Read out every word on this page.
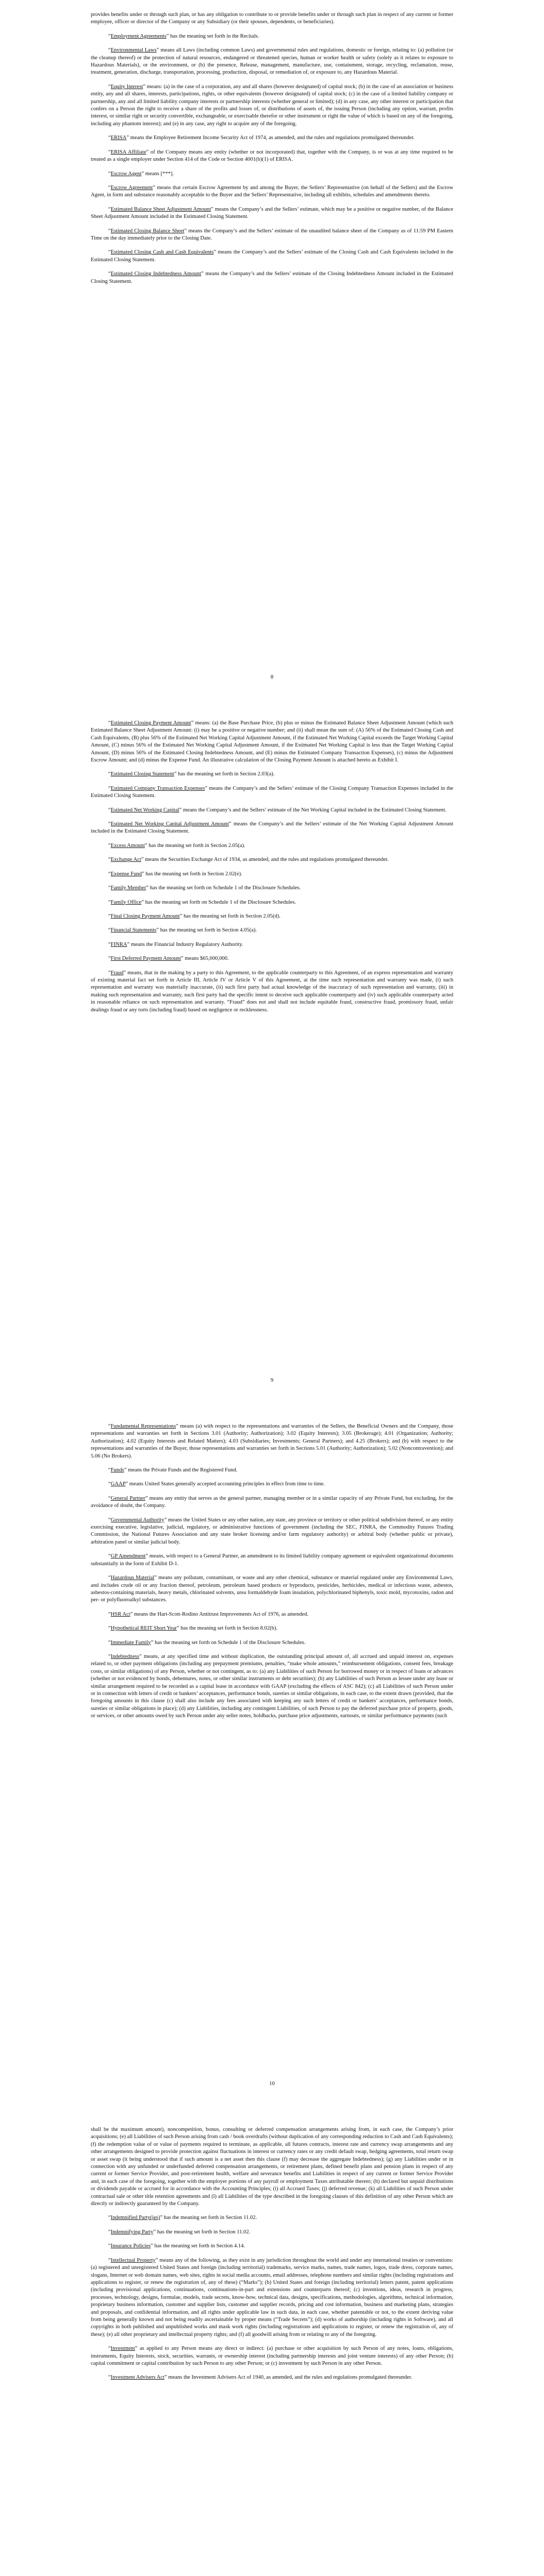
provides benefits under or through such plan, or has any obligation to contribute to or provide benefits under or through such plan in respect of any current or former employee, officer or director of the Company or any Subsidiary (or their spouses, dependents, or beneficiaries).

“Employment Agreements” has the meaning set forth in the Recitals.

“Environmental Laws” means all Laws (including common Laws) and governmental rules and regulations, domestic or foreign, relating to: (a) pollution (or the cleanup thereof) or the protection of natural resources, endangered or threatened species, human or worker health or safety (solely as it relates to exposure to Hazardous Materials), or the environment, or (b) the presence, Release, management, manufacture, use, containment, storage, recycling, reclamation, reuse, treatment, generation, discharge, transportation, processing, production, disposal, or remediation of, or exposure to, any Hazardous Material.

“Equity Interest” means: (a) in the case of a corporation, any and all shares (however designated) of capital stock; (b) in the case of an association or business entity, any and all shares, interests, participations, rights, or other equivalents (however designated) of capital stock; (c) in the case of a limited liability company or partnership, any and all limited liability company interests or partnership interests (whether general or limited); (d) in any case, any other interest or participation that confers on a Person the right to receive a share of the profits and losses of, or distributions of assets of, the issuing Person (including any option, warrant, profits interest, or similar right or security convertible, exchangeable, or exercisable therefor or other instrument or right the value of which is based on any of the foregoing, including any phantom interest); and (e) in any case, any right to acquire any of the foregoing.

“ERISA” means the Employee Retirement Income Security Act of 1974, as amended, and the rules and regulations promulgated thereunder.

“ERISA Affiliate” of the Company means any entity (whether or not incorporated) that, together with the Company, is or was at any time required to be treated as a single employer under Section 414 of the Code or Section 4001(b)(1) of ERISA.

“Escrow Agent” means [***].

“Escrow Agreement” means that certain Escrow Agreement by and among the Buyer, the Sellers’ Representative (on behalf of the Sellers) and the Escrow Agent, in form and substance reasonably acceptable to the Buyer and the Sellers’ Representative, including all exhibits, schedules and amendments thereto.

“Estimated Balance Sheet Adjustment Amount” means the Company’s and the Sellers’ estimate, which may be a positive or negative number, of the Balance Sheet Adjustment Amount included in the Estimated Closing Statement.

“Estimated Closing Balance Sheet” means the Company’s and the Sellers’ estimate of the unaudited balance sheet of the Company as of 11:59 PM Eastern Time on the day immediately prior to the Closing Date.

“Estimated Closing Cash and Cash Equivalents” means the Company’s and the Sellers’ estimate of the Closing Cash and Cash Equivalents included in the Estimated Closing Statement.

“Estimated Closing Indebtedness Amount” means the Company’s and the Sellers’ estimate of the Closing Indebtedness Amount included in the Estimated Closing Statement.

8

“Estimated Closing Payment Amount” means: (a) the Base Purchase Price, (b) plus or minus the Estimated Balance Sheet Adjustment Amount (which such Estimated Balance Sheet Adjustment Amount: (i) may be a positive or negative number; and (ii) shall mean the sum of: (A) 56% of the Estimated Closing Cash and Cash Equivalents, (B) plus 56% of the Estimated Net Working Capital Adjustment Amount, if the Estimated Net Working Capital exceeds the Target Working Capital Amount, (C) minus 56% of the Estimated Net Working Capital Adjustment Amount, if the Estimated Net Working Capital is less than the Target Working Capital Amount, (D) minus 56% of the Estimated Closing Indebtedness Amount, and (E) minus the Estimated Company Transaction Expenses), (c) minus the Adjustment Escrow Amount; and (d) minus the Expense Fund. An illustrative calculation of the Closing Payment Amount is attached hereto as Exhibit I.

“Estimated Closing Statement” has the meaning set forth in Section 2.03(a).

“Estimated Company Transaction Expenses” means the Company’s and the Sellers’ estimate of the Closing Company Transaction Expenses included in the Estimated Closing Statement.

“Estimated Net Working Capital” means the Company’s and the Sellers’ estimate of the Net Working Capital included in the Estimated Closing Statement.

“Estimated Net Working Capital Adjustment Amount” means the Company’s and the Sellers’ estimate of the Net Working Capital Adjustment Amount included in the Estimated Closing Statement.

“Excess Amount” has the meaning set forth in Section 2.05(a).

“Exchange Act” means the Securities Exchange Act of 1934, as amended, and the rules and regulations promulgated thereunder.

“Expense Fund” has the meaning set forth in Section 2.02(e).

“Family Member” has the meaning set forth on Schedule 1 of the Disclosure Schedules.

“Family Office” has the meaning set forth on Schedule 1 of the Disclosure Schedules.

“Final Closing Payment Amount” has the meaning set forth in Section 2.05(d).

“Financial Statements” has the meaning set forth in Section 4.05(a).

“FINRA” means the Financial Industry Regulatory Authority.

“First Deferred Payment Amount” means $65,000,000.

“Fraud” means, that in the making by a party to this Agreement, to the applicable counterparty to this Agreement, of an express representation and warranty of existing material fact set forth in Article III, Article IV or Article V of this Agreement, at the time such representation and warranty was made, (i) such representation and warranty was materially inaccurate, (ii) such first party had actual knowledge of the inaccuracy of such representation and warranty, (iii) in making such representation and warranty, such first party had the specific intent to deceive such applicable counterparty and (iv) such applicable counterparty acted in reasonable reliance on such representation and warranty. “Fraud” does not and shall not include equitable fraud, constructive fraud, promissory fraud, unfair dealings fraud or any torts (including fraud) based on negligence or recklessness.

9

“Fundamental Representations” means (a) with respect to the representations and warranties of the Sellers, the Beneficial Owners and the Company, those representations and warranties set forth in Sections 3.01 (Authority; Authorization); 3.02 (Equity Interests); 3.05 (Brokerage); 4.01 (Organization; Authority; Authorization); 4.02 (Equity Interests and Related Matters); 4.03 (Subsidiaries; Investments; General Partners); and 4.25 (Brokers); and (b) with respect to the representations and warranties of the Buyer, those representations and warranties set forth in Sections 5.01 (Authority; Authorization); 5.02 (Noncontravention); and 5.06 (No Brokers).

“Funds” means the Private Funds and the Registered Fund.

“GAAP” means United States generally accepted accounting principles in effect from time to time.

“General Partner” means any entity that serves as the general partner, managing member or in a similar capacity of any Private Fund, but excluding, for the avoidance of doubt, the Company.

“Governmental Authority” means the United States or any other nation, any state, any province or territory or other political subdivision thereof, or any entity exercising executive, legislative, judicial, regulatory, or administrative functions of government (including the SEC, FINRA, the Commodity Futures Trading Commission, the National Futures Association and any state broker licensing and/or farm regulatory authority) or arbitral body (whether public or private), arbitration panel or similar judicial body.

“GP Amendment” means, with respect to a General Partner, an amendment to its limited liability company agreement or equivalent organizational documents substantially in the form of Exhibit D-1.

“Hazardous Material” means any pollutant, contaminant, or waste and any other chemical, substance or material regulated under any Environmental Laws, and includes crude oil or any fraction thereof, petroleum, petroleum based products or byproducts, pesticides, herbicides, medical or infectious waste, asbestos, asbestos-containing materials, heavy metals, chlorinated solvents, urea formaldehyde foam insulation, polychlorinated biphenyls, toxic mold, mycotoxins, radon and per- or polyfluoroalkyl substances.

“HSR Act” means the Hart-Scott-Rodino Antitrust Improvements Act of 1976, as amended.

“Hypothetical REIT Short Year” has the meaning set forth in Section 8.02(b).

“Immediate Family” has the meaning set forth on Schedule 1 of the Disclosure Schedules.

“Indebtedness” means, at any specified time and without duplication, the outstanding principal amount of, all accrued and unpaid interest on, expenses related to, or other payment obligations (including any prepayment premiums, penalties, “make whole amounts,” reimbursement obligations, consent fees, breakage costs, or similar obligations) of any Person, whether or not contingent, as to: (a) any Liabilities of such Person for borrowed money or in respect of loans or advances (whether or not evidenced by bonds, debentures, notes, or other similar instruments or debt securities); (b) any Liabilities of such Person as lessee under any lease or similar arrangement required to be recorded as a capital lease in accordance with GAAP (excluding the effects of ASC 842); (c) all Liabilities of such Person under or in connection with letters of credit or bankers’ acceptances, performance bonds, sureties or similar obligations, in each case, to the extent drawn (provided, that the foregoing amounts in this clause (c) shall also include any fees associated with keeping any such letters of credit or bankers’ acceptances, performance bonds, sureties or similar obligations in place); (d) any Liabilities, including any contingent Liabilities, of such Person to pay the deferred purchase price of property, goods, or services, or other amounts owed by such Person under any seller notes, holdbacks, purchase price adjustments, earnouts, or similar performance payments (such

10

shall be the maximum amount), noncompetition, bonus, consulting or deferred compensation arrangements arising from, in each case, the Company’s prior acquisitions; (e) all Liabilities of such Person arising from cash / book overdrafts (without duplication of any corresponding reduction to Cash and Cash Equivalents); (f) the redemption value of or value of payments required to terminate, as applicable, all futures contracts, interest rate and currency swap arrangements and any other arrangements designed to provide protection against fluctuations in interest or currency rates or any credit default swap, hedging agreements, total return swap or asset swap (it being understood that if such amount is a net asset then this clause (f) may decrease the aggregate Indebtedness); (g) any Liabilities under or in connection with any unfunded or underfunded deferred compensation arrangements, or retirement plans, defined benefit plans and pension plans in respect of any current or former Service Provider, and post-retirement health, welfare and severance benefits and Liabilities in respect of any current or former Service Provider and, in each case of the foregoing, together with the employer portions of any payroll or employment Taxes attributable thereto; (h) declared but unpaid distributions or dividends payable or accrued for in accordance with the Accounting Principles; (i) all Accrued Taxes; (j) deferred revenue; (k) all Liabilities of such Person under contractual sale or other title retention agreements and (l) all Liabilities of the type described in the foregoing clauses of this definition of any other Person which are directly or indirectly guaranteed by the Company.

“Indemnified Party(ies)” has the meaning set forth in Section 11.02.

“Indemnifying Party” has the meaning set forth in Section 11.02.

“Insurance Policies” has the meaning set forth in Section 4.14.

“Intellectual Property” means any of the following, as they exist in any jurisdiction throughout the world and under any international treaties or conventions: (a) registered and unregistered United States and foreign (including territorial) trademarks, service marks, names, trade names, logos, trade dress, corporate names, slogans, Internet or web domain names, web sites, rights in social media accounts, email addresses, telephone numbers and similar rights (including registrations and applications to register, or renew the registration of, any of these) (“Marks”); (b) United States and foreign (including territorial) letters patent, patent applications (including provisional applications, continuations, continuations-in-part and extensions and counterparts thereof; (c) inventions, ideas, research in progress, processes, technology, designs, formulae, models, trade secrets, know-how, technical data, designs, specifications, methodologies, algorithms, technical information, proprietary business information, customer and supplier lists, customer and supplier records, pricing and cost information, business and marketing plans, strategies and proposals, and confidential information, and all rights under applicable law in such data, in each case, whether patentable or not, to the extent deriving value from being generally known and not being readily ascertainable by proper means (“Trade Secrets”); (d) works of authorship (including rights in Software), and all copyrights in both published and unpublished works and mask work rights (including registrations and applications to register, or renew the registration of, any of these); (e) all other proprietary and intellectual property rights; and (f) all goodwill arising from or relating to any of the foregoing.

“Investment” as applied to any Person means any direct or indirect: (a) purchase or other acquisition by such Person of any notes, loans, obligations, instruments, Equity Interests, stock, securities, warrants, or ownership interest (including partnership interests and joint venture interests) of any other Person; (b) capital commitment or capital contribution by such Person to any other Person; or (c) investment by such Person in any other Person.

“Investment Advisers Act” means the Investment Advisers Act of 1940, as amended, and the rules and regulations promulgated thereunder.
